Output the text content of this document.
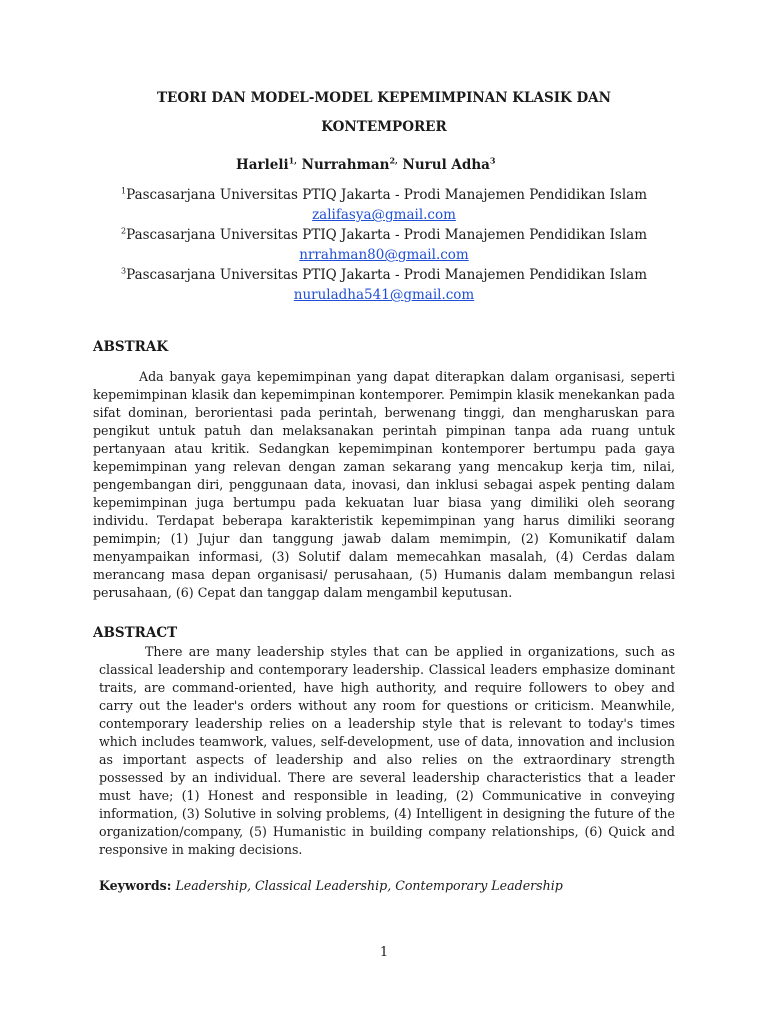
TEORI DAN MODEL-MODEL KEPEMIMPINAN KLASIK DAN
KONTEMPORER
Harleli$^{1,}$ Nurrahman$^{2,}$ Nurul Adha$^3$
$^1$Pascasarjana Universitas PTIQ Jakarta - Prodi Manajemen Pendidikan Islam
zalifasya@gmail.com
$^2$Pascasarjana Universitas PTIQ Jakarta - Prodi Manajemen Pendidikan Islam
nrrahman80@gmail.com
$^3$Pascasarjana Universitas PTIQ Jakarta - Prodi Manajemen Pendidikan Islam
nuruladha541@gmail.com
ABSTRAK

Ada banyak gaya kepemimpinan yang dapat diterapkan dalam organisasi, seperti kepemimpinan klasik dan kepemimpinan kontemporer. Pemimpin klasik menekankan pada sifat dominan, berorientasi pada perintah, berwenang tinggi, dan mengharuskan para pengikut untuk patuh dan melaksanakan perintah pimpinan tanpa ada ruang untuk pertanyaan atau kritik. Sedangkan kepemimpinan kontemporer bertumpu pada gaya kepemimpinan yang relevan dengan zaman sekarang yang mencakup kerja tim, nilai, pengembangan diri, penggunaan data, inovasi, dan inklusi sebagai aspek penting dalam kepemimpinan juga bertumpu pada kekuatan luar biasa yang dimiliki oleh seorang individu. Terdapat beberapa karakteristik kepemimpinan yang harus dimiliki seorang pemimpin; (1) Jujur dan tanggung jawab dalam memimpin, (2) Komunikatif dalam menyampaikan informasi, (3) Solutif dalam memecahkan masalah, (4) Cerdas dalam merancang masa depan organisasi/ perusahaan, (5) Humanis dalam membangun relasi perusahaan, (6) Cepat dan tanggap dalam mengambil keputusan.

ABSTRACT

There are many leadership styles that can be applied in organizations, such as classical leadership and contemporary leadership. Classical leaders emphasize dominant traits, are command-oriented, have high authority, and require followers to obey and carry out the leader's orders without any room for questions or criticism. Meanwhile, contemporary leadership relies on a leadership style that is relevant to today's times which includes teamwork, values, self-development, use of data, innovation and inclusion as important aspects of leadership and also relies on the extraordinary strength possessed by an individual. There are several leadership characteristics that a leader must have; (1) Honest and responsible in leading, (2) Communicative in conveying information, (3) Solutive in solving problems, (4) Intelligent in designing the future of the organization/company, (5) Humanistic in building company relationships, (6) Quick and responsive in making decisions.

Keywords: Leadership, Classical Leadership, Contemporary Leadership
1
